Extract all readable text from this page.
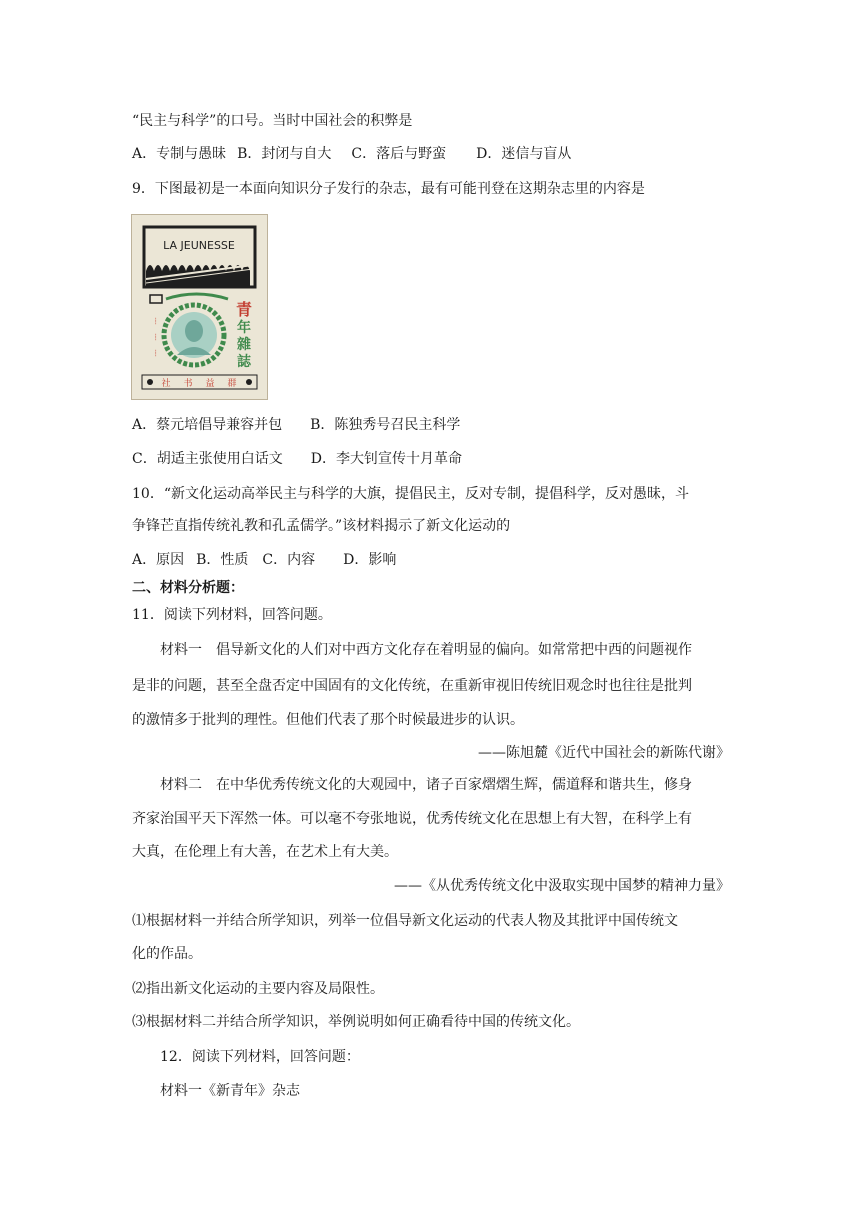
“民主与科学”的口号。当时中国社会的积弊是
A．专制与愚昧 B．封闭与自大 C．落后与野蛮 D．迷信与盲从
9．下图最初是一本面向知识分子发行的杂志，最有可能刊登在这期杂志里的内容是
LA JEUNESSE
┆
┆
┆
青
年
雜
誌
社 书 益 群
A．蔡元培倡导兼容并包 B．陈独秀号召民主科学
C．胡适主张使用白话文 D．李大钊宣传十月革命
10．“新文化运动高举民主与科学的大旗，提倡民主，反对专制，提倡科学，反对愚昧，斗
争锋芒直指传统礼教和孔孟儒学。”该材料揭示了新文化运动的
A．原因 B．性质 C．内容 D．影响
二、材料分析题：
11．阅读下列材料，回答问题。
材料一　倡导新文化的人们对中西方文化存在着明显的偏向。如常常把中西的问题视作
是非的问题，甚至全盘否定中国固有的文化传统，在重新审视旧传统旧观念时也往往是批判
的激情多于批判的理性。但他们代表了那个时候最进步的认识。
——陈旭麓《近代中国社会的新陈代谢》
材料二　在中华优秀传统文化的大观园中，诸子百家熠熠生辉，儒道释和谐共生，修身
齐家治国平天下浑然一体。可以毫不夸张地说，优秀传统文化在思想上有大智，在科学上有
大真，在伦理上有大善，在艺术上有大美。
——《从优秀传统文化中汲取实现中国梦的精神力量》
⑴根据材料一并结合所学知识，列举一位倡导新文化运动的代表人物及其批评中国传统文
化的作品。
⑵指出新文化运动的主要内容及局限性。
⑶根据材料二并结合所学知识，举例说明如何正确看待中国的传统文化。
12．阅读下列材料，回答问题：
材料一《新青年》杂志
